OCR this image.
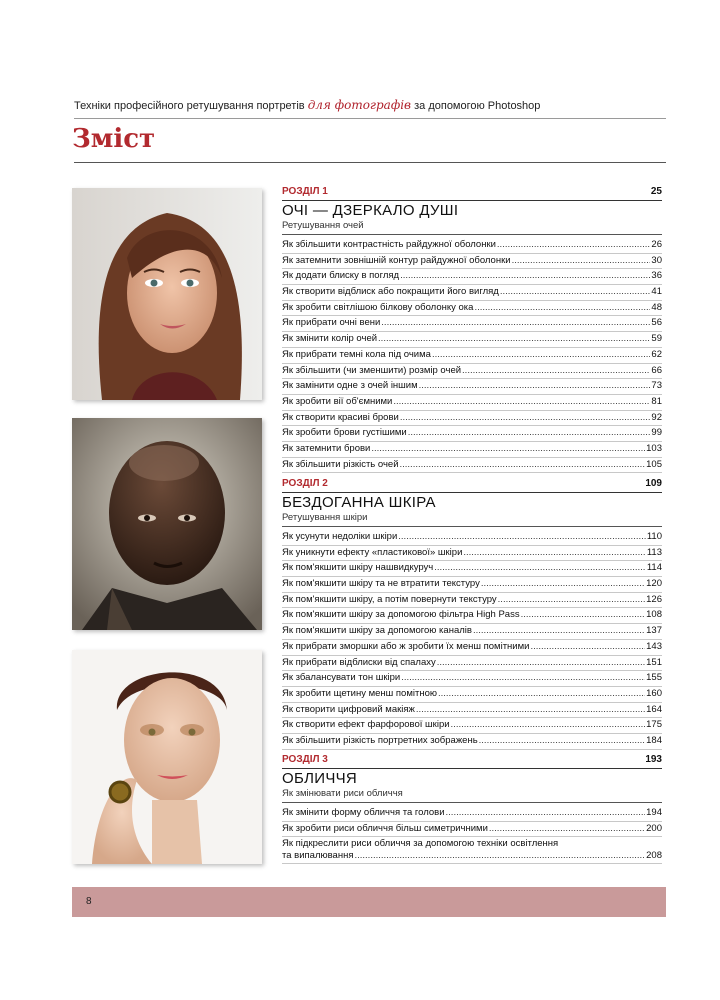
Техніки професійного ретушування портретів для фотографів за допомогою Photoshop
Зміст
РОЗДІЛ 1	25
ОЧІ — ДЗЕРКАЛО ДУШІ
Ретушування очей
Як збільшити контрастність райдужної оболонки .....	26
Як затемнити зовнішній контур райдужної оболонки .....	30
Як додати блиску в погляд .....	36
Як створити відблиск або покращити його вигляд .....	41
Як зробити світлішою білкову оболонку ока .....	48
Як прибрати очні вени .....	56
Як змінити колір очей .....	59
Як прибрати темні кола під очима .....	62
Як збільшити (чи зменшити) розмір очей .....	66
Як замінити одне з очей іншим .....	73
Як зробити вії об'ємними .....	81
Як створити красиві брови .....	92
Як зробити брови густішими .....	99
Як затемнити брови .....	103
Як збільшити різкість очей .....	105
РОЗДІЛ 2	109
БЕЗДОГАННА ШКІРА
Ретушування шкіри
Як усунути недоліки шкіри .....	110
Як уникнути ефекту «пластикової» шкіри .....	113
Як пом'якшити шкіру нашвидкуруч .....	114
Як пом'якшити шкіру та не втратити текстуру .....	120
Як пом'якшити шкіру, а потім повернути текстуру .....	126
Як пом'якшити шкіру за допомогою фільтра High Pass .....	108
Як пом'якшити шкіру за допомогою каналів .....	137
Як прибрати зморшки або ж зробити їх менш помітними .....	143
Як прибрати відблиски від спалаху .....	151
Як збалансувати тон шкіри .....	155
Як зробити щетину менш помітною .....	160
Як створити цифровий макіяж .....	164
Як створити ефект фарфорової шкіри .....	175
Як збільшити різкість портретних зображень .....	184
РОЗДІЛ 3	193
ОБЛИЧЧЯ
Як змінювати риси обличчя
Як змінити форму обличчя та голови .....	194
Як зробити риси обличчя більш симетричними .....	200
Як підкреслити риси обличчя за допомогою техніки освітлення
та випалювання .....	208
8
